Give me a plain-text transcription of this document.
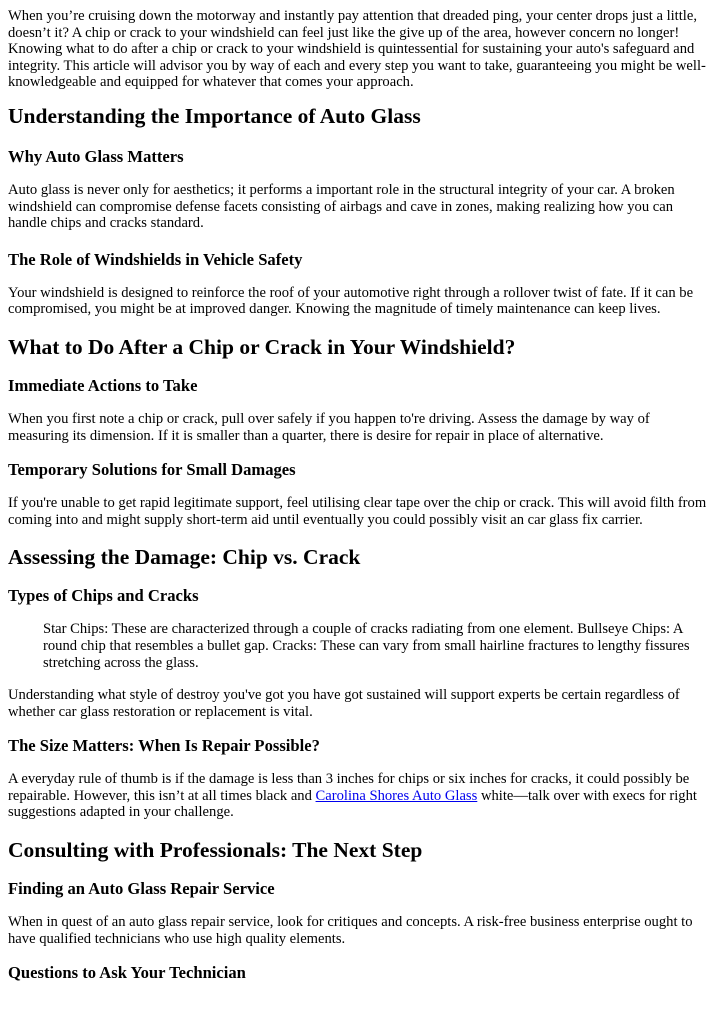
When you’re cruising down the motorway and instantly pay attention that dreaded ping, your center drops just a little, doesn’t it? A chip or crack to your windshield can feel just like the give up of the area, however concern no longer! Knowing what to do after a chip or crack to your windshield is quintessential for sustaining your auto's safeguard and integrity. This article will advisor you by way of each and every step you want to take, guaranteeing you might be well-knowledgeable and equipped for whatever that comes your approach.

Understanding the Importance of Auto Glass
Why Auto Glass Matters

Auto glass is never only for aesthetics; it performs a important role in the structural integrity of your car. A broken windshield can compromise defense facets consisting of airbags and cave in zones, making realizing how you can handle chips and cracks standard.

The Role of Windshields in Vehicle Safety

Your windshield is designed to reinforce the roof of your automotive right through a rollover twist of fate. If it can be compromised, you might be at improved danger. Knowing the magnitude of timely maintenance can keep lives.

What to Do After a Chip or Crack in Your Windshield?
Immediate Actions to Take

When you first note a chip or crack, pull over safely if you happen to're driving. Assess the damage by way of measuring its dimension. If it is smaller than a quarter, there is desire for repair in place of alternative.

Temporary Solutions for Small Damages

If you're unable to get rapid legitimate support, feel utilising clear tape over the chip or crack. This will avoid filth from coming into and might supply short-term aid until eventually you could possibly visit an car glass fix carrier.

Assessing the Damage: Chip vs. Crack
Types of Chips and Cracks
Star Chips: These are characterized through a couple of cracks radiating from one element. Bullseye Chips: A round chip that resembles a bullet gap. Cracks: These can vary from small hairline fractures to lengthy fissures stretching across the glass.

Understanding what style of destroy you've got you have got sustained will support experts be certain regardless of whether car glass restoration or replacement is vital.

The Size Matters: When Is Repair Possible?

A everyday rule of thumb is if the damage is less than 3 inches for chips or six inches for cracks, it could possibly be repairable. However, this isn’t at all times black and Carolina Shores Auto Glass white—talk over with execs for right suggestions adapted in your challenge.

Consulting with Professionals: The Next Step
Finding an Auto Glass Repair Service

When in quest of an auto glass repair service, look for critiques and concepts. A risk-free business enterprise ought to have qualified technicians who use high quality elements.

Questions to Ask Your Technician
